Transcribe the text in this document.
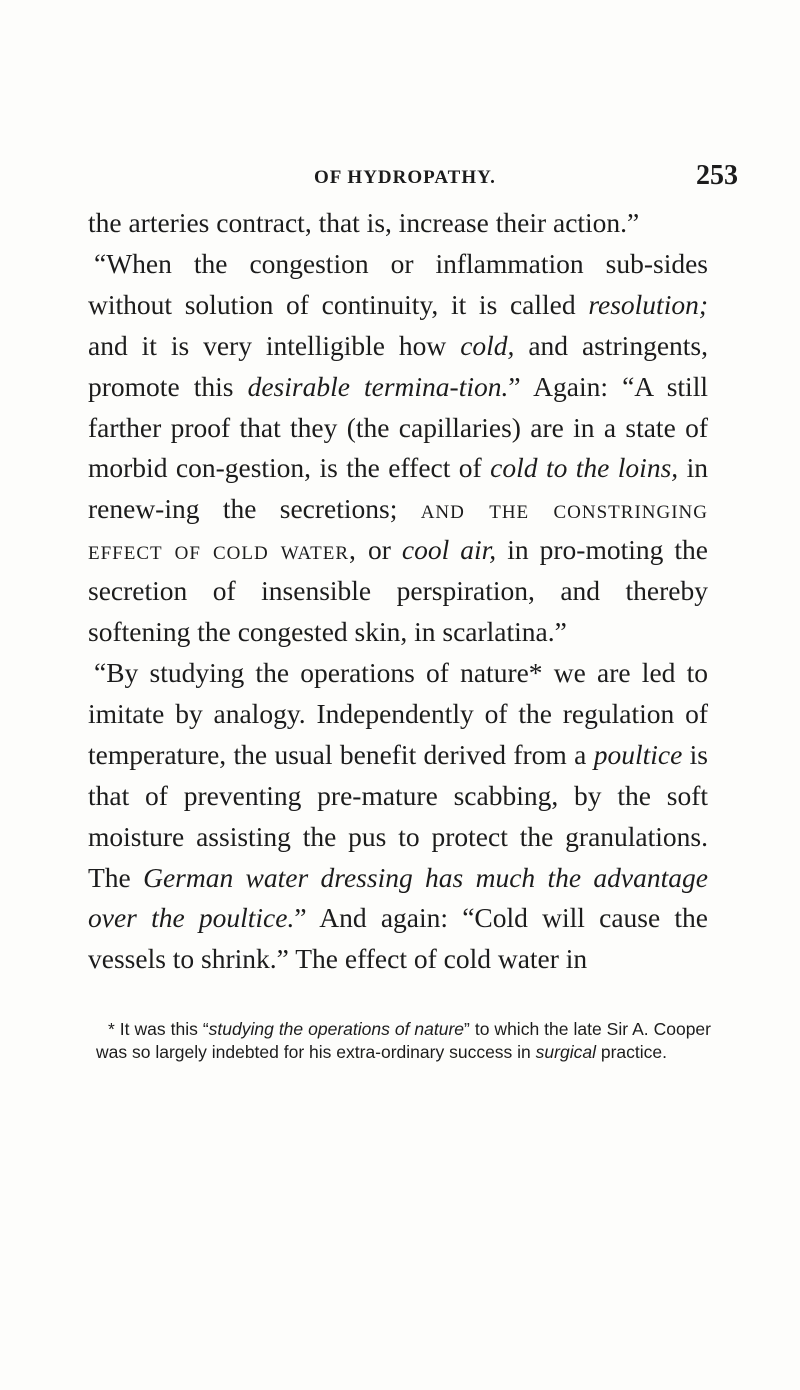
OF HYDROPATHY.	253

the arteries contract, that is, increase their action.”

“When the congestion or inflammation sub-sides without solution of continuity, it is called resolution; and it is very intelligible how cold, and astringents, promote this desirable termina-tion.” Again: “A still farther proof that they (the capillaries) are in a state of morbid con-gestion, is the effect of cold to the loins, in renew-ing the secretions; and the constringing effect of cold water, or cool air, in pro-moting the secretion of insensible perspiration, and thereby softening the congested skin, in scarlatina.”

“By studying the operations of nature* we are led to imitate by analogy. Independently of the regulation of temperature, the usual benefit derived from a poultice is that of preventing pre-mature scabbing, by the soft moisture assisting the pus to protect the granulations. The German water dressing has much the advantage over the poultice.” And again: “Cold will cause the vessels to shrink.” The effect of cold water in

* It was this “studying the operations of nature” to which the late Sir A. Cooper was so largely indebted for his extra-ordinary success in surgical practice.
